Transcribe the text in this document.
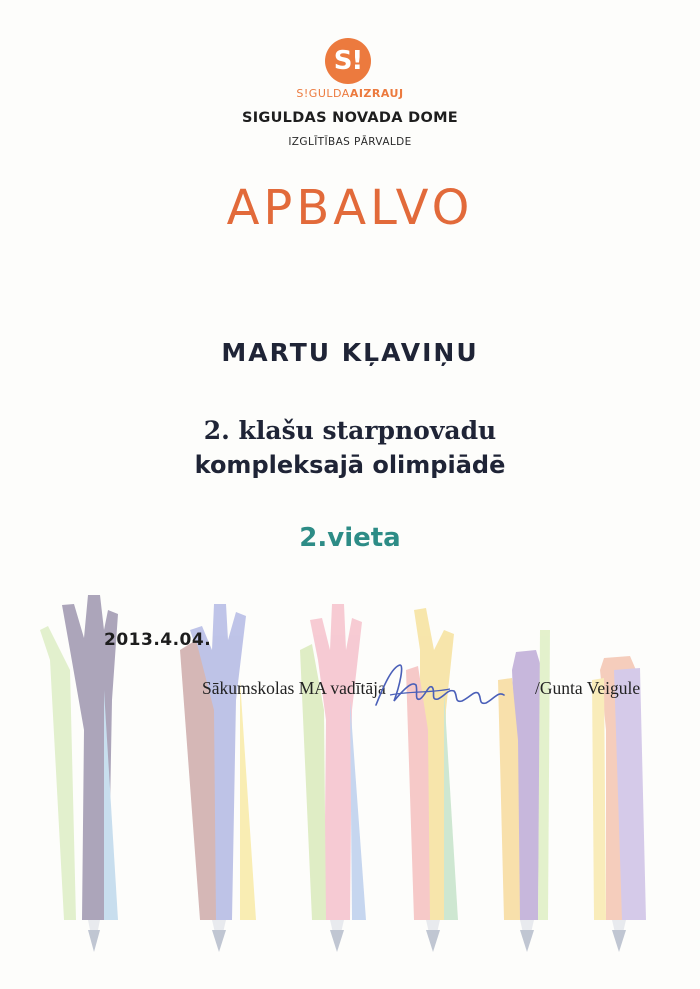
S!
S!GULDAAIZRAUJ
SIGULDAS NOVADA DOME
IZGLĪTĪBAS PĀRVALDE
APBALVO
MARTU KĻAVIŅU
2. klašu starpnovadu
kompleksajā olimpiādē
2.vieta
2013.4.04.
Sākumskolas MA vadītāja	/Gunta Veigule
